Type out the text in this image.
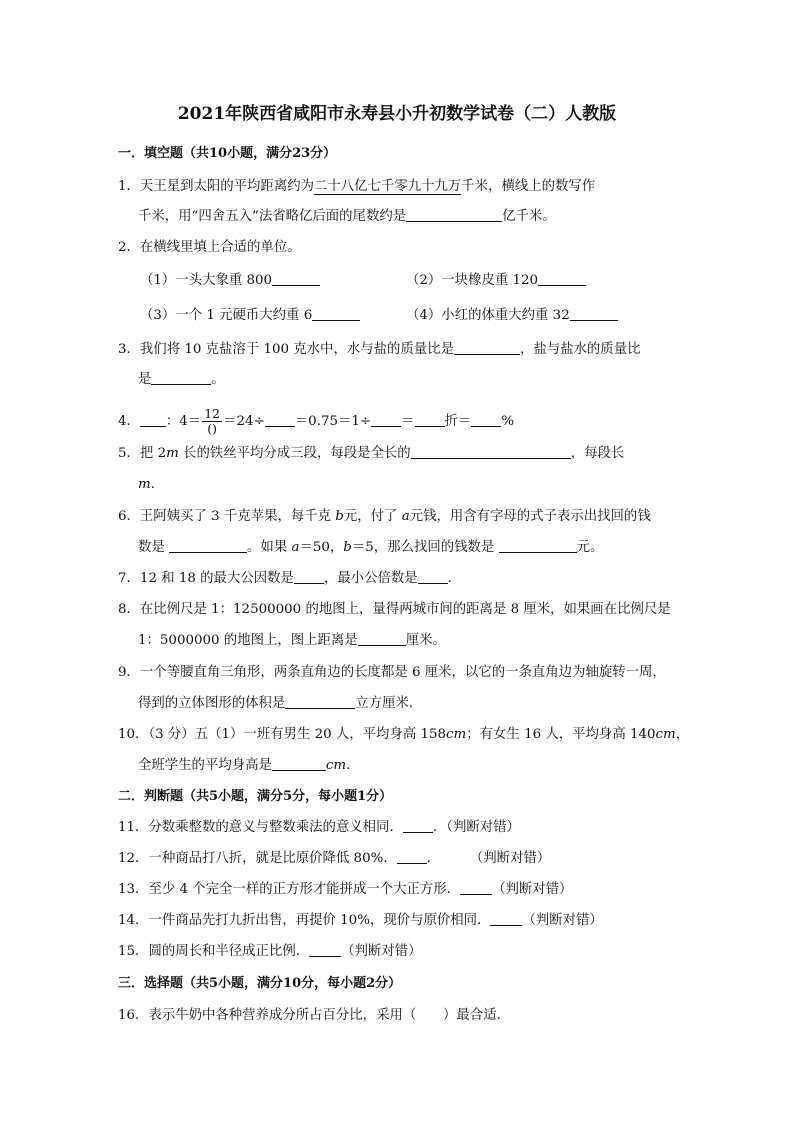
2021年陕西省咸阳市永寿县小升初数学试卷（二）人教版
一．填空题（共10小题，满分23分）
1．天王星到太阳的平均距离约为二十八亿七千零九十九万千米，横线上的数写作
千米，用“四舍五入”法省略亿后面的尾数约是	亿千米。
2．在横线里填上合适的单位。
（1）一头大象重 800	（2）一块橡皮重 120
（3）一个 1 元硬币大约重 6	（4）小红的体重大约重 32
3．我们将 10 克盐溶于 100 克水中，水与盐的质量比是	，盐与盐水的质量比
是	。
4． ：$4= \frac{12}{()} =24\div =0.75=1\div$ ＝ 折＝ %
5．把 2m 长的铁丝平均分成三段，每段是全长的	，每段长
m．
6．王阿姨买了 3 千克苹果，每千克 b元，付了 a元钱，用含有字母的式子表示出找回的钱
数是	。如果 a＝50，b＝5，那么找回的钱数是	元。
7．12 和 18 的最大公因数是 ，最小公倍数是 ．
8．在比例尺是 1：12500000 的地图上，量得两城市间的距离是 8 厘米，如果画在比例尺是
1：5000000 的地图上，图上距离是	厘米。
9．一个等腰直角三角形，两条直角边的长度都是 6 厘米，以它的一条直角边为轴旋转一周，
得到的立体图形的体积是	立方厘米．
10．（3 分）五（1）一班有男生 20 人，平均身高 158cm；有女生 16 人，平均身高 140cm，
全班学生的平均身高是	cm．
二．判断题（共5小题，满分5分，每小题1分）
11．分数乘整数的意义与整数乘法的意义相同． ．（判断对错）
12．一种商品打八折，就是比原价降低 80%． ． （判断对错）
13．至少 4 个完全一样的正方形才能拼成一个大正方形． （判断对错）
14．一件商品先打九折出售，再提价 10%，现价与原价相同． （判断对错）
15．圆的周长和半径成正比例． （判断对错）
三．选择题（共5小题，满分10分，每小题2分）
16．表示牛奶中各种营养成分所占百分比，采用（　　）最合适．
